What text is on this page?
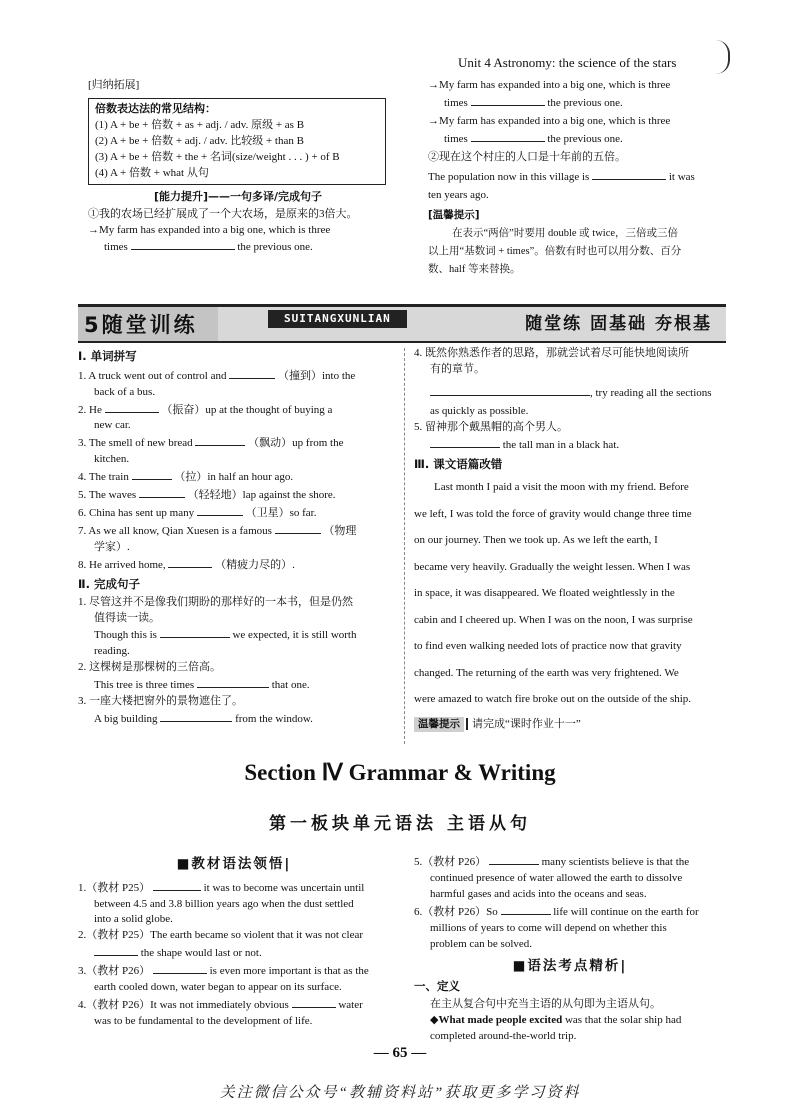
Unit 4 Astronomy: the science of the stars
[归纳拓展]
倍数表达法的常见结构：
(1) A + be + 倍数 + as + adj. / adv. 原级 + as B
(2) A + be + 倍数 + adj. / adv. 比较级 + than B
(3) A + be + 倍数 + the + 名词(size/weight . . . ) + of B
(4) A + 倍数 + what 从句
[能力提升]——一句多译/完成句子
①我的农场已经扩展成了一个大农场，是原来的3倍大。
→My farm has expanded into a big one, which is three
times	the previous one.
→My farm has expanded into a big one, which is three
times	the previous one.
→My farm has expanded into a big one, which is three
times	the previous one.
②现在这个村庄的人口是十年前的五倍。
The population now in this village is	it was
ten years ago.
[温馨提示]
在表示“两倍”时要用 double 或 twice，三倍或三倍
以上用“基数词 + times”。倍数有时也可以用分数、百分
数、half 等来替换。
5随堂训练	SUITANGXUNLIAN	随堂练 固基础 夯根基
Ⅰ. 单词拼写
1. A truck went out of control and	（撞到）into the
back of a bus.
2. He	（振奋）up at the thought of buying a
new car.
3. The smell of new bread	（飘动）up from the
kitchen.
4. The train	（拉）in half an hour ago.
5. The waves	（轻轻地）lap against the shore.
6. China has sent up many	（卫星）so far.
7. As we all know, Qian Xuesen is a famous	（物理
学家）.
8. He arrived home,	（精疲力尽的）.
Ⅱ. 完成句子
1. 尽管这并不是像我们期盼的那样好的一本书，但是仍然
值得读一读。
Though this is	we expected, it is still worth
reading.
2. 这棵树是那棵树的三倍高。
This tree is three times	that one.
3. 一座大楼把窗外的景物遮住了。
A big building	from the window.
4. 既然你熟悉作者的思路，那就尝试着尽可能快地阅读所
有的章节。
, try reading all the sections
as quickly as possible.
5. 留神那个戴黑帽的高个男人。
the tall man in a black hat.
Ⅲ. 课文语篇改错
Last month I paid a visit the moon with my friend. Before
we left, I was told the force of gravity would change three time
on our journey. Then we took up. As we left the earth, I
became very heavily. Gradually the weight lessen. When I was
in space, it was disappeared. We floated weightlessly in the
cabin and I cheered up. When I was on the noon, I was surprise
to find even walking needed lots of practice now that gravity
changed. The returning of the earth was very frightened. We
were amazed to watch fire broke out on the outside of the ship.
温馨提示 请完成“课时作业十一”
Section Ⅳ Grammar & Writing
第一板块单元语法 主语从句
■教材语法领悟|
1.（教材 P25）	it was to become was uncertain until
between 4.5 and 3.8 billion years ago when the dust settled
into a solid globe.
2.（教材 P25）The earth became so violent that it was not clear
the shape would last or not.
3.（教材 P26）	is even more important is that as the
earth cooled down, water began to appear on its surface.
4.（教材 P26）It was not immediately obvious	water
was to be fundamental to the development of life.
5.（教材 P26）	many scientists believe is that the
continued presence of water allowed the earth to dissolve
harmful gases and acids into the oceans and seas.
6.（教材 P26）So	life will continue on the earth for
millions of years to come will depend on whether this
problem can be solved.
■语法考点精析|
一、定义
在主从复合句中充当主语的从句即为主语从句。
◆What made people excited was that the solar ship had
completed around-the-world trip.
— 65 —
关注微信公众号“教辅资料站”获取更多学习资料
